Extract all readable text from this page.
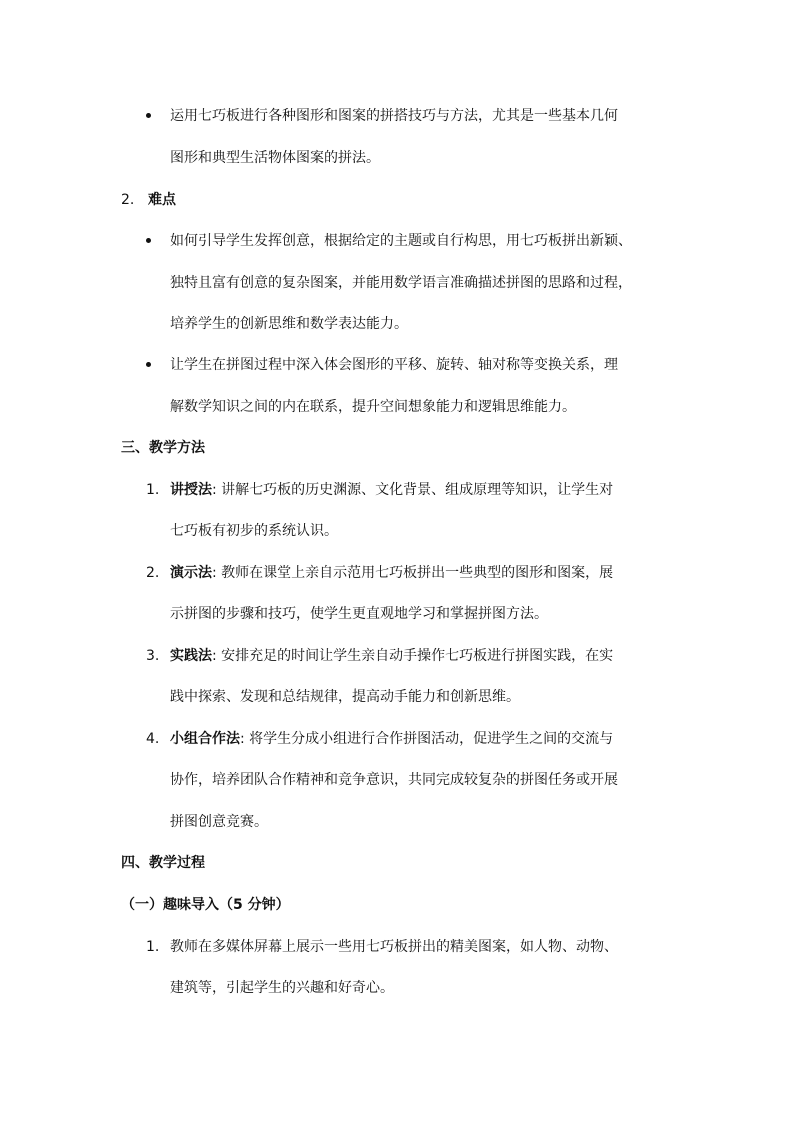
运用七巧板进行各种图形和图案的拼搭技巧与方法，尤其是一些基本几何
图形和典型生活物体图案的拼法。
2. 难点
如何引导学生发挥创意，根据给定的主题或自行构思，用七巧板拼出新颖、
独特且富有创意的复杂图案，并能用数学语言准确描述拼图的思路和过程，
培养学生的创新思维和数学表达能力。
让学生在拼图过程中深入体会图形的平移、旋转、轴对称等变换关系，理
解数学知识之间的内在联系，提升空间想象能力和逻辑思维能力。
三、教学方法
1. 讲授法: 讲解七巧板的历史渊源、文化背景、组成原理等知识，让学生对
七巧板有初步的系统认识。
2. 演示法: 教师在课堂上亲自示范用七巧板拼出一些典型的图形和图案，展
示拼图的步骤和技巧，使学生更直观地学习和掌握拼图方法。
3. 实践法: 安排充足的时间让学生亲自动手操作七巧板进行拼图实践，在实
践中探索、发现和总结规律，提高动手能力和创新思维。
4. 小组合作法: 将学生分成小组进行合作拼图活动，促进学生之间的交流与
协作，培养团队合作精神和竞争意识，共同完成较复杂的拼图任务或开展
拼图创意竞赛。
四、教学过程
（一）趣味导入（5 分钟）
1. 教师在多媒体屏幕上展示一些用七巧板拼出的精美图案，如人物、动物、
建筑等，引起学生的兴趣和好奇心。
